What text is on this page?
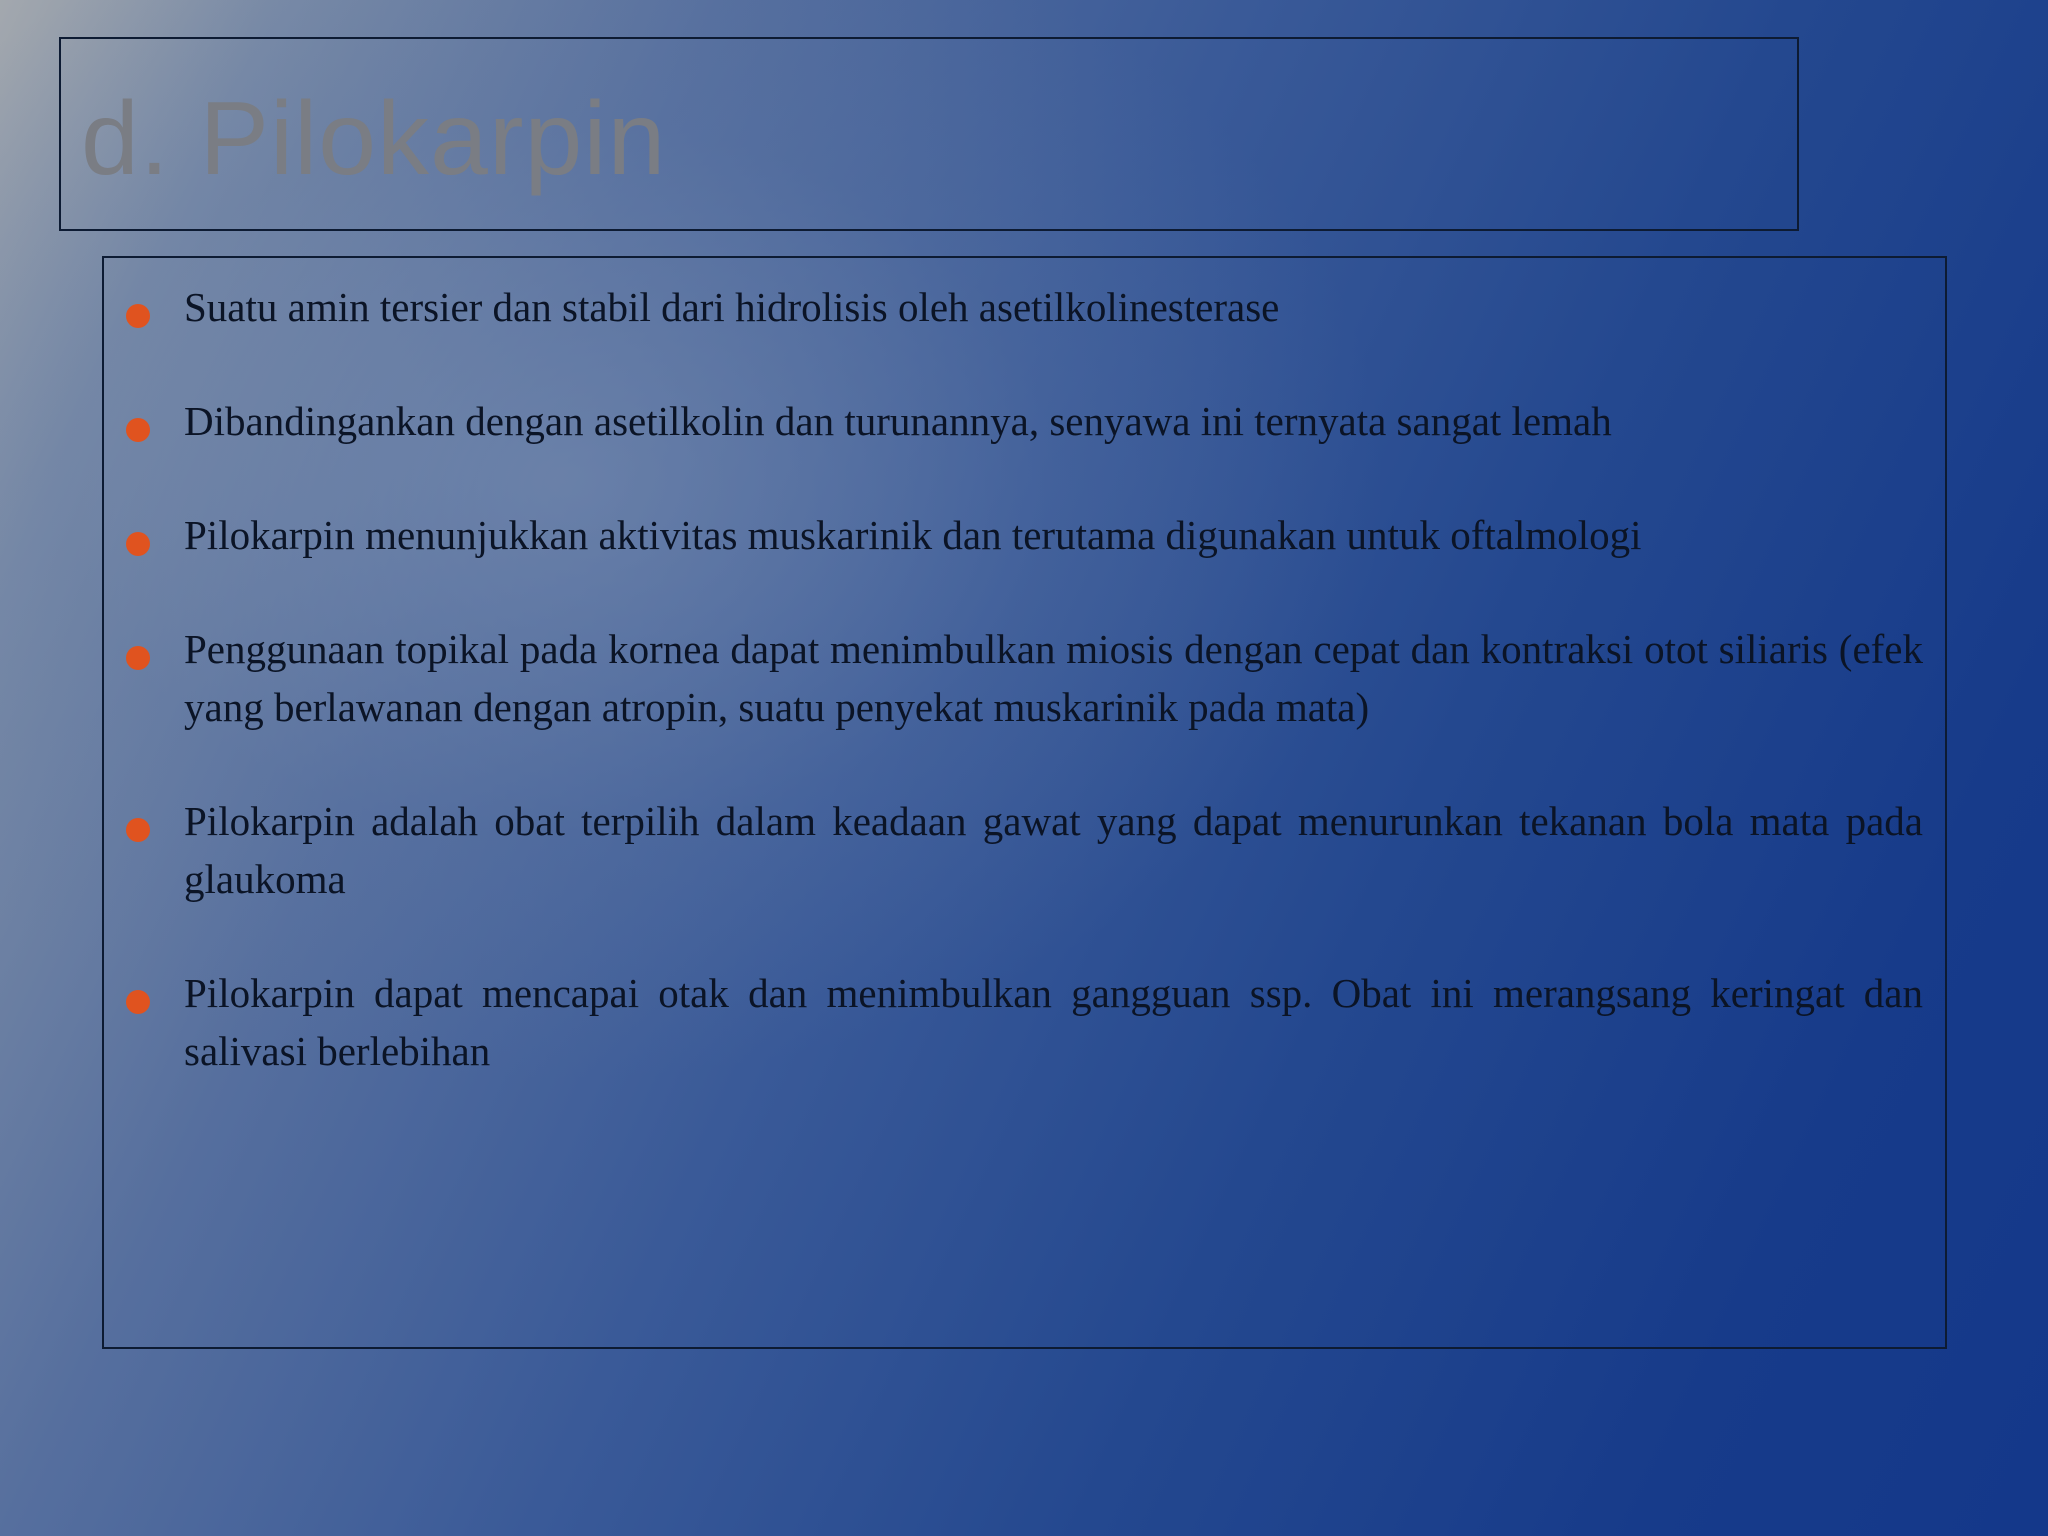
d. Pilokarpin
Suatu amin tersier dan stabil dari hidrolisis oleh asetilkolinesterase
Dibandingankan dengan asetilkolin dan turunannya, senyawa ini ternyata sangat lemah
Pilokarpin menunjukkan aktivitas muskarinik dan terutama digunakan untuk oftalmologi
Penggunaan topikal pada kornea dapat menimbulkan miosis dengan cepat dan kontraksi otot siliaris (efek yang berlawanan dengan atropin, suatu penyekat muskarinik pada mata)
Pilokarpin adalah obat terpilih dalam keadaan gawat yang dapat menurunkan tekanan bola mata pada glaukoma
Pilokarpin dapat mencapai otak dan menimbulkan gangguan ssp. Obat ini merangsang keringat dan salivasi berlebihan
